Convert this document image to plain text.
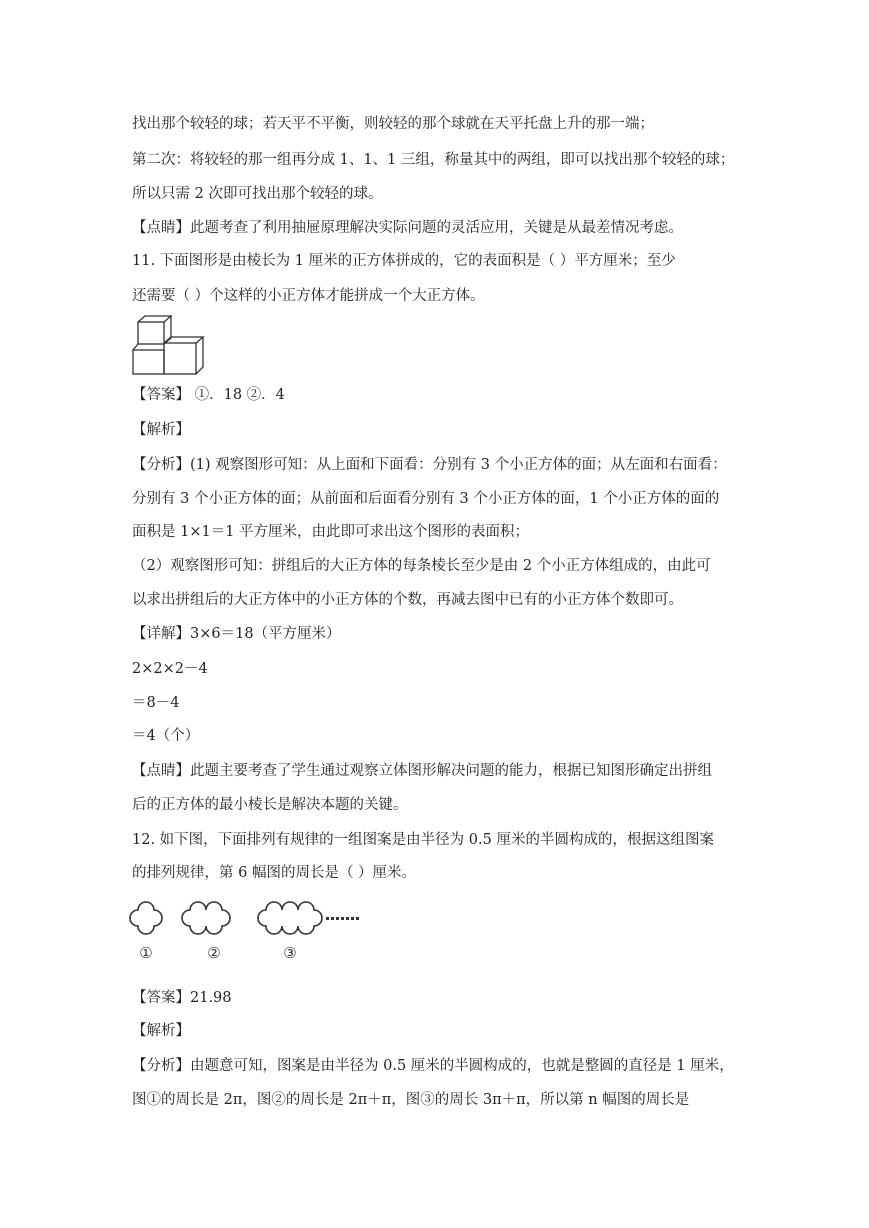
找出那个较轻的球；若天平不平衡，则较轻的那个球就在天平托盘上升的那一端；
第二次：将较轻的那一组再分成 1、1、1 三组，称量其中的两组，即可以找出那个较轻的球；
所以只需 2 次即可找出那个较轻的球。
【点睛】此题考查了利用抽屉原理解决实际问题的灵活应用，关键是从最差情况考虑。
11. 下面图形是由棱长为 1 厘米的正方体拼成的，它的表面积是（ ）平方厘米；至少
还需要（ ）个这样的小正方体才能拼成一个大正方体。
【答案】 ①．18 ②．4
【解析】
【分析】(1) 观察图形可知：从上面和下面看：分别有 3 个小正方体的面；从左面和右面看：
分别有 3 个小正方体的面；从前面和后面看分别有 3 个小正方体的面，1 个小正方体的面的
面积是 1×1＝1 平方厘米，由此即可求出这个图形的表面积；
（2）观察图形可知：拼组后的大正方体的每条棱长至少是由 2 个小正方体组成的，由此可
以求出拼组后的大正方体中的小正方体的个数，再减去图中已有的小正方体个数即可。
【详解】3×6＝18（平方厘米）
2×2×2－4
＝8－4
＝4（个）
【点睛】此题主要考查了学生通过观察立体图形解决问题的能力，根据已知图形确定出拼组
后的正方体的最小棱长是解决本题的关键。
12. 如下图，下面排列有规律的一组图案是由半径为 0.5 厘米的半圆构成的，根据这组图案
的排列规律，第 6 幅图的周长是（ ）厘米。
①	②	③
【答案】21.98
【解析】
【分析】由题意可知，图案是由半径为 0.5 厘米的半圆构成的，也就是整圆的直径是 1 厘米，
图①的周长是 2π，图②的周长是 2π＋π，图③的周长 3π＋π，所以第 n 幅图的周长是
